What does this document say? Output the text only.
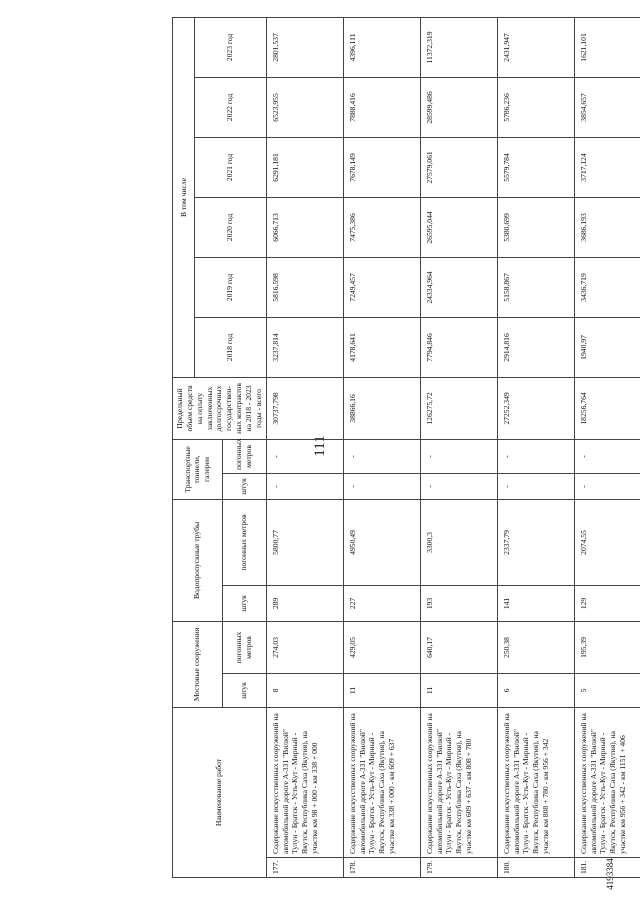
111
4193384
Наименование работ		Мостовые сооружения		Водопропускные трубы		Транспортные тоннели, галереи		Предельный объем средств на оплату заключенных долгосрочных государствен-ных контрактов на 2018 - 2023 годы - всего	В том числе					
									2018 год	2019 год	2020 год	2021 год	2022 год	2023 год
		штук	погонных метров	штук	погонных метров	штук	погонных метров							
177.	Содержание искусственных сооружений на автомобильной дороге А-331 "Вилюй" Тулун - Братск - Усть-Кут - Мирный - Якутск, Республика Саха (Якутия), на участке км 98 + 000 - км 338 + 000	8	274,03	289	5800,77	-	-	30737,798	3237,814	5816,598	6066,713	6291,181	6523,955	2801,537
178.	Содержание искусственных сооружений на автомобильной дороге А-331 "Вилюй" Тулун - Братск - Усть-Кут - Мирный - Якутск, Республика Саха (Якутия), на участке км 338 + 000 - км 609 + 637	11	429,05	227	4950,49	-	-	38866,16	4178,641	7249,457	7475,386	7678,149	7888,416	4396,111
179.	Содержание искусственных сооружений на автомобильной дороге А-331 "Вилюй" Тулун - Братск - Усть-Кут - Мирный - Якутск, Республика Саха (Якутия), на участке км 609 + 637 - км 808 + 780	11	640,17	193	3300,3	-	-	126275,72	7794,846	24334,964	26595,044	27579,061	28599,486	11372,319
180.	Содержание искусственных сооружений на автомобильной дороге А-331 "Вилюй" Тулун - Братск - Усть-Кут - Мирный - Якутск, Республика Саха (Якутия), на участке км 808 + 780 - км 956 + 342	6	250,38	141	2337,79	-	-	27252,349	2914,816	5158,867	5380,699	5579,784	5786,236	2431,947
181.	Содержание искусственных сооружений на автомобильной дороге А-331 "Вилюй" Тулун - Братск - Усть-Кут - Мирный - Якутск, Республика Саха (Якутия), на участке км 956 + 342 - км 1151 + 406	5	195,39	129	2074,55	-	-	18256,764	1940,97	3436,719	3686,193	3717,124	3854,657	1621,101
